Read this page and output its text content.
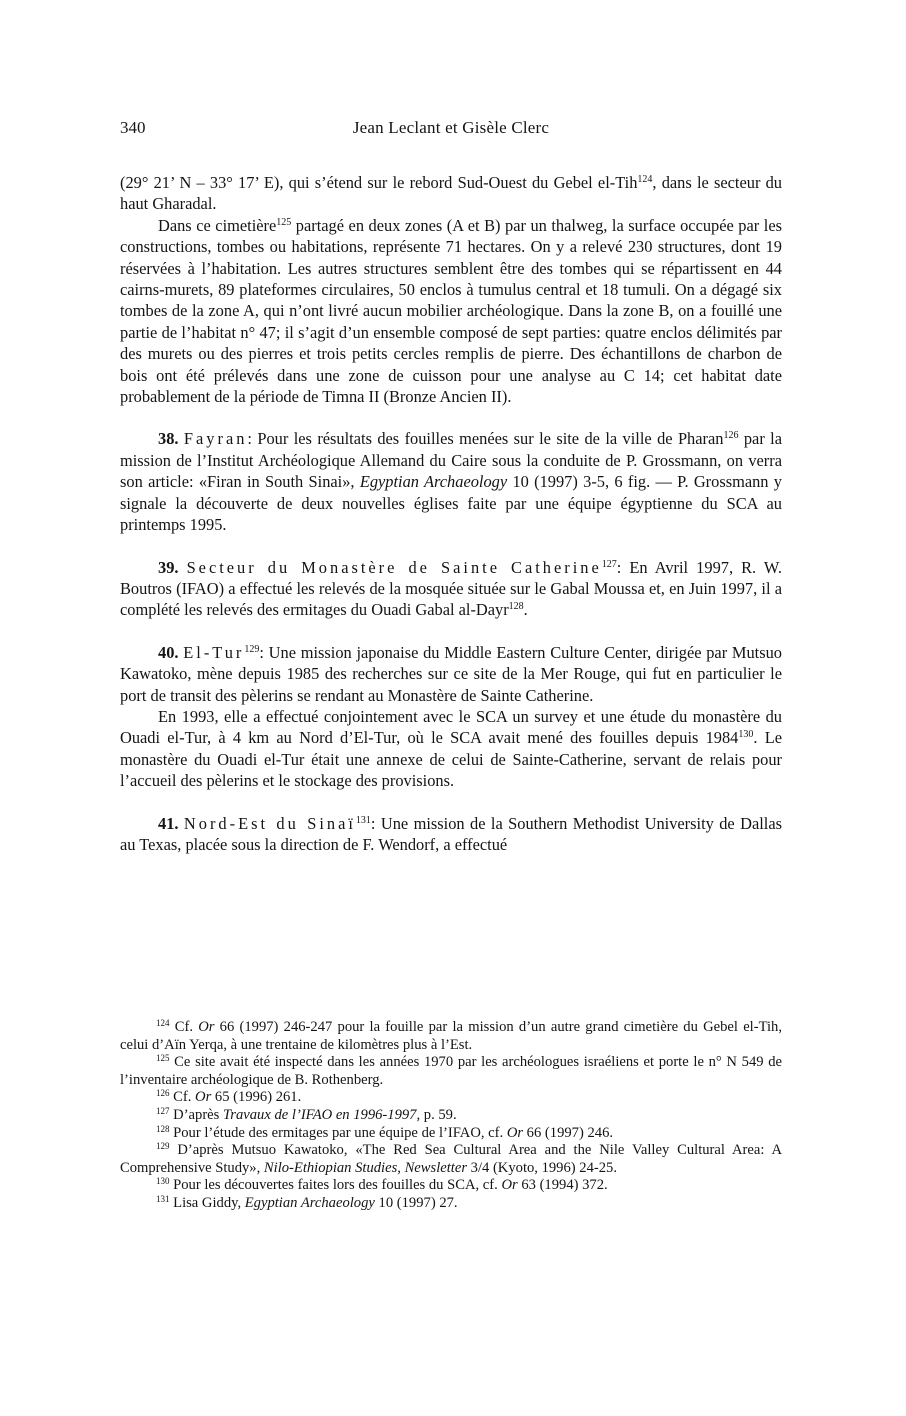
340	Jean Leclant et Gisèle Clerc

(29° 21’ N – 33° 17’ E), qui s’étend sur le rebord Sud-Ouest du Gebel el-Tih$^{124}$, dans le secteur du haut Gharadal.

Dans ce cimetière$^{125}$ partagé en deux zones (A et B) par un thalweg, la surface occupée par les constructions, tombes ou habitations, représente 71 hectares. On y a relevé 230 structures, dont 19 réservées à l’habitation. Les autres structures semblent être des tombes qui se répartissent en 44 cairns-murets, 89 plateformes circulaires, 50 enclos à tumulus central et 18 tumuli. On a dégagé six tombes de la zone A, qui n’ont livré aucun mobilier archéologique. Dans la zone B, on a fouillé une partie de l’habitat n° 47; il s’agit d’un ensemble composé de sept parties: quatre enclos délimités par des murets ou des pierres et trois petits cercles remplis de pierre. Des échantillons de charbon de bois ont été prélevés dans une zone de cuisson pour une analyse au C 14; cet habitat date probablement de la période de Timna II (Bronze Ancien II).

38. Fayran: Pour les résultats des fouilles menées sur le site de la ville de Pharan$^{126}$ par la mission de l’Institut Archéologique Allemand du Caire sous la conduite de P. Grossmann, on verra son article: «Firan in South Sinai», Egyptian Archaeology 10 (1997) 3-5, 6 fig. — P. Grossmann y signale la découverte de deux nouvelles églises faite par une équipe égyptienne du SCA au printemps 1995.

39. Secteur du Monastère de Sainte Catherine$^{127}$: En Avril 1997, R. W. Boutros (IFAO) a effectué les relevés de la mosquée située sur le Gabal Moussa et, en Juin 1997, il a complété les relevés des ermitages du Ouadi Gabal al-Dayr$^{128}$.

40. El-Tur$^{129}$: Une mission japonaise du Middle Eastern Culture Center, dirigée par Mutsuo Kawatoko, mène depuis 1985 des recherches sur ce site de la Mer Rouge, qui fut en particulier le port de transit des pèlerins se rendant au Monastère de Sainte Catherine.

En 1993, elle a effectué conjointement avec le SCA un survey et une étude du monastère du Ouadi el-Tur, à 4 km au Nord d’El-Tur, où le SCA avait mené des fouilles depuis 1984$^{130}$. Le monastère du Ouadi el-Tur était une annexe de celui de Sainte-Catherine, servant de relais pour l’accueil des pèlerins et le stockage des provisions.

41. Nord-Est du Sinaï$^{131}$: Une mission de la Southern Methodist University de Dallas au Texas, placée sous la direction de F. Wendorf, a effectué

$^{124}$ Cf. Or 66 (1997) 246-247 pour la fouille par la mission d’un autre grand cimetière du Gebel el-Tih, celui d’Aïn Yerqa, à une trentaine de kilomètres plus à l’Est.

$^{125}$ Ce site avait été inspecté dans les années 1970 par les archéologues israéliens et porte le n° N 549 de l’inventaire archéologique de B. Rothenberg.

$^{126}$ Cf. Or 65 (1996) 261.

$^{127}$ D’après Travaux de l’IFAO en 1996-1997, p. 59.

$^{128}$ Pour l’étude des ermitages par une équipe de l’IFAO, cf. Or 66 (1997) 246.

$^{129}$ D’après Mutsuo Kawatoko, «The Red Sea Cultural Area and the Nile Valley Cultural Area: A Comprehensive Study», Nilo-Ethiopian Studies, Newsletter 3/4 (Kyoto, 1996) 24-25.

$^{130}$ Pour les découvertes faites lors des fouilles du SCA, cf. Or 63 (1994) 372.

$^{131}$ Lisa Giddy, Egyptian Archaeology 10 (1997) 27.
